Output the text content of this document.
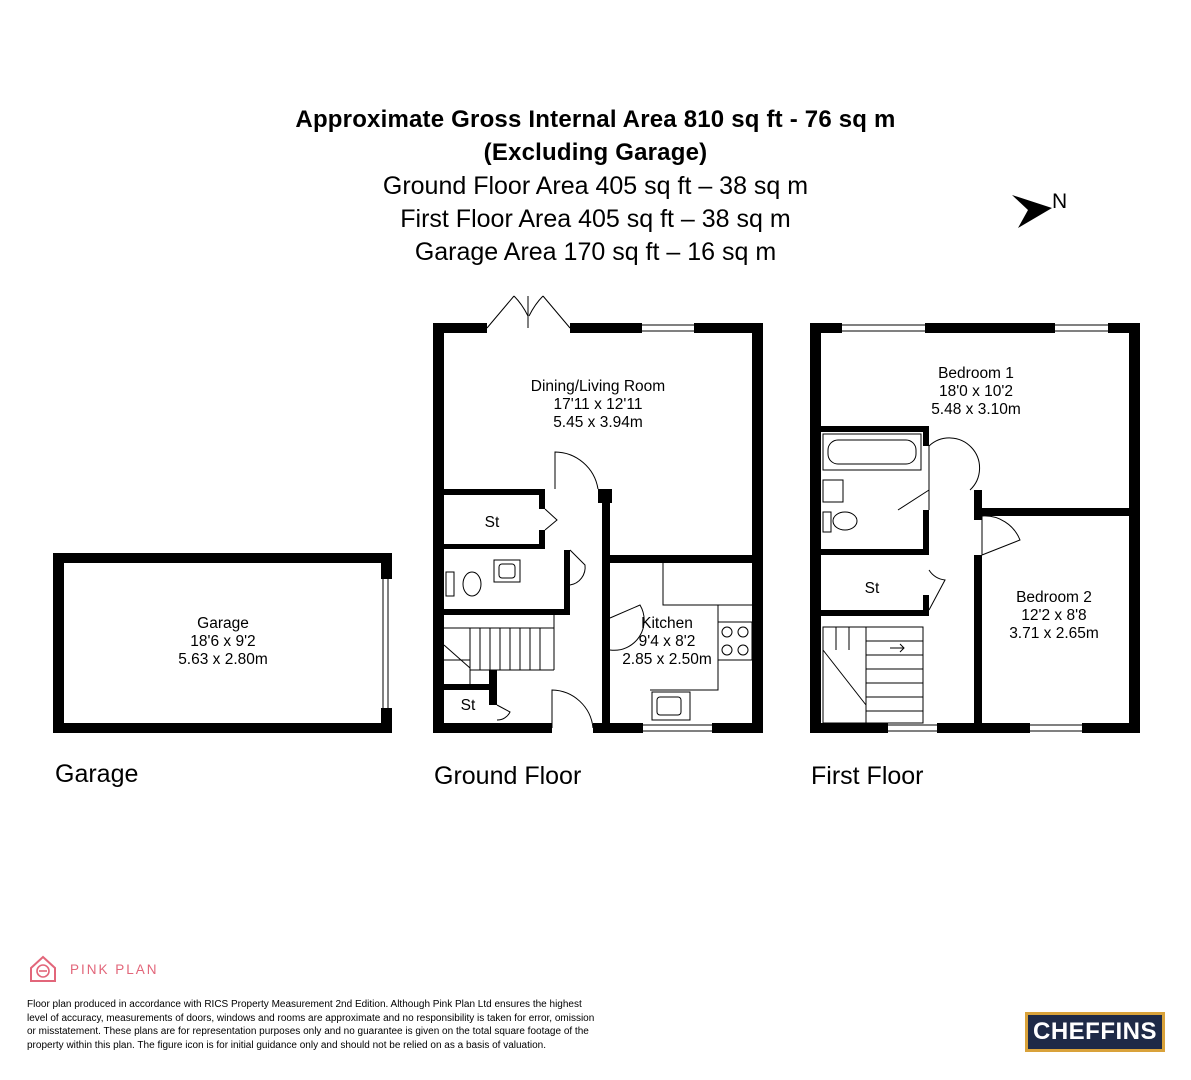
Approximate Gross Internal Area 810 sq ft - 76 sq m
(Excluding Garage)
Ground Floor Area 405 sq ft – 38 sq m
First Floor Area 405 sq ft – 38 sq m
Garage Area 170 sq ft – 16 sq m
N
Garage
18'6 x 9'2
5.63 x 2.80m
Dining/Living Room
17'11 x 12'11
5.45 x 3.94m
Kitchen
9'4 x 8'2
2.85 x 2.50m
St
St
Bedroom 1
18'0 x 10'2
5.48 x 3.10m
Bedroom 2
12'2 x 8'8
3.71 x 2.65m
St
Garage	Ground Floor	First Floor
PINK PLAN
Floor plan produced in accordance with RICS Property Measurement 2nd Edition. Although Pink Plan Ltd ensures the highest
level of accuracy, measurements of doors, windows and rooms are approximate and no responsibility is taken for error, omission
or misstatement. These plans are for representation purposes only and no guarantee is given on the total square footage of the
property within this plan. The figure icon is for initial guidance only and should not be relied on as a basis of valuation.
CHEFFINS
